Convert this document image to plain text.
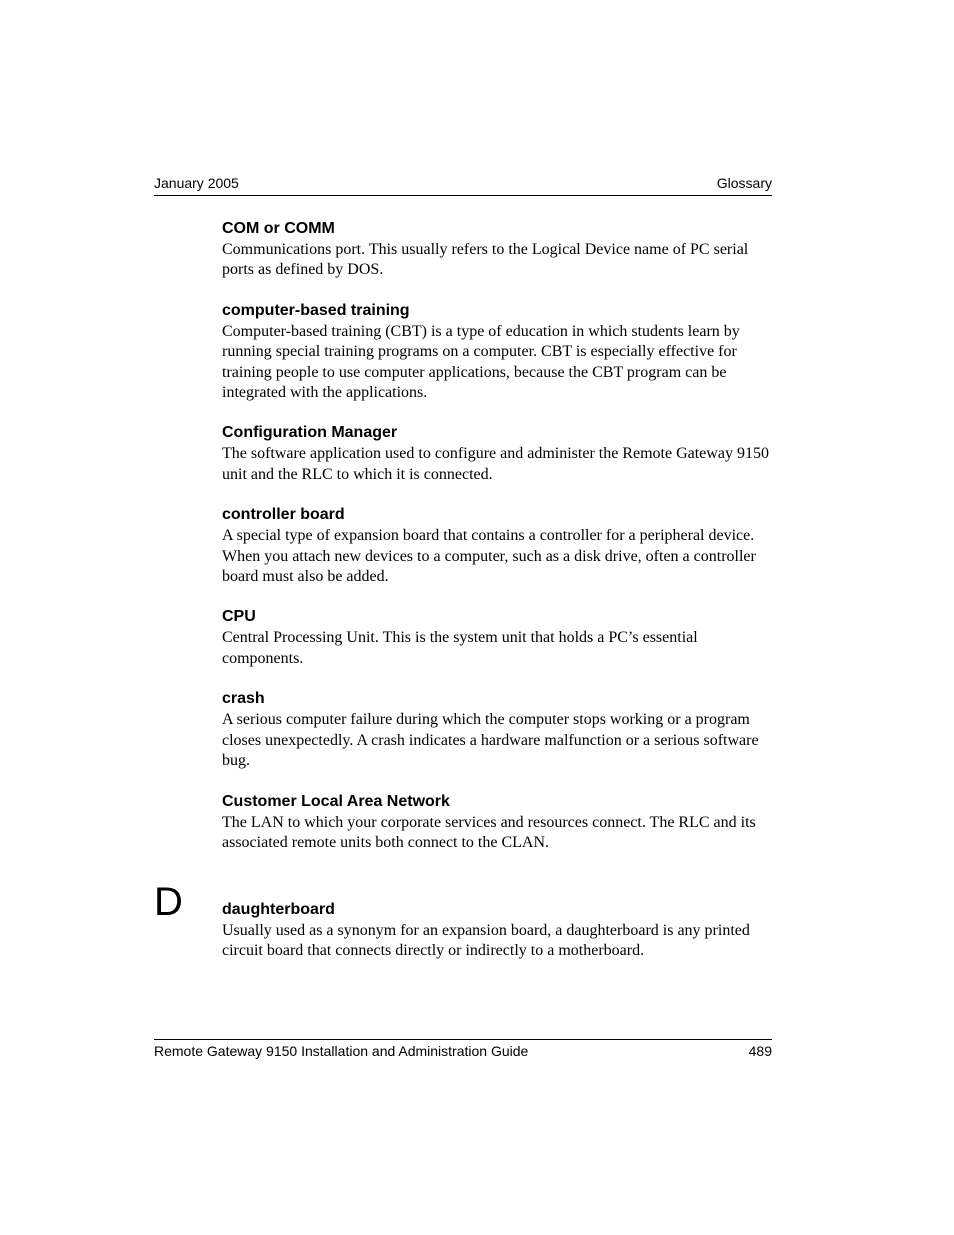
January 2005	Glossary

COM or COMM

Communications port. This usually refers to the Logical Device name of PC serial ports as defined by DOS.

computer-based training

Computer-based training (CBT) is a type of education in which students learn by running special training programs on a computer. CBT is especially effective for training people to use computer applications, because the CBT program can be integrated with the applications.

Configuration Manager

The software application used to configure and administer the Remote Gateway 9150 unit and the RLC to which it is connected.

controller board

A special type of expansion board that contains a controller for a peripheral device. When you attach new devices to a computer, such as a disk drive, often a controller board must also be added.

CPU

Central Processing Unit. This is the system unit that holds a PC’s essential components.

crash

A serious computer failure during which the computer stops working or a program closes unexpectedly. A crash indicates a hardware malfunction or a serious software bug.

Customer Local Area Network

The LAN to which your corporate services and resources connect. The RLC and its associated remote units both connect to the CLAN.

D daughterboard

Usually used as a synonym for an expansion board, a daughterboard is any printed circuit board that connects directly or indirectly to a motherboard.

Remote Gateway 9150 Installation and Administration Guide	489
